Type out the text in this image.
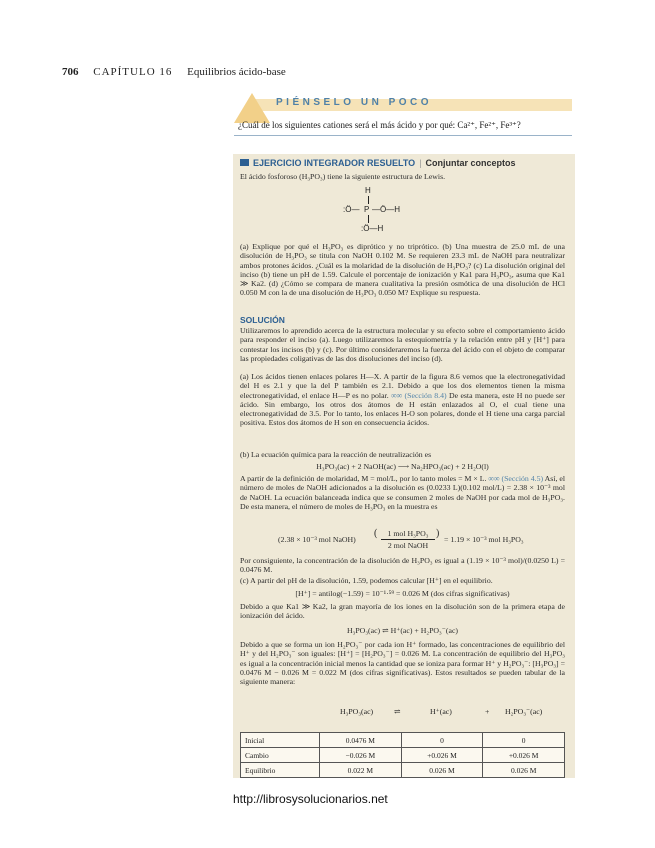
706 CAPÍTULO 16 Equilibrios ácido-base
PIÉNSELO UN POCO
¿Cuál de los siguientes cationes será el más ácido y por qué: Ca²⁺, Fe²⁺, Fe³⁺?
EJERCICIO INTEGRADOR RESUELTO | Conjuntar conceptos
El ácido fosforoso (H₃PO₃) tiene la siguiente estructura de Lewis.
H
:Ö— P —Ö—H
:Ö—H
(a) Explique por qué el H₃PO₃ es diprótico y no triprótico. (b) Una muestra de 25.0 mL de una disolución de H₃PO₃ se titula con NaOH 0.102 M. Se requieren 23.3 mL de NaOH para neutralizar ambos protones ácidos. ¿Cuál es la molaridad de la disolución de H₃PO₃? (c) La disolución original del inciso (b) tiene un pH de 1.59. Calcule el porcentaje de ionización y Ka1 para H₃PO₃, asuma que Ka1 ≫ Ka2. (d) ¿Cómo se compara de manera cualitativa la presión osmótica de una disolución de HCl 0.050 M con la de una disolución de H₃PO₃ 0.050 M? Explique su respuesta.
SOLUCIÓN
Utilizaremos lo aprendido acerca de la estructura molecular y su efecto sobre el comportamiento ácido para responder el inciso (a). Luego utilizaremos la estequiometría y la relación entre pH y [H⁺] para contestar los incisos (b) y (c). Por último consideraremos la fuerza del ácido con el objeto de comparar las propiedades coligativas de las dos disoluciones del inciso (d).
(a) Los ácidos tienen enlaces polares H—X. A partir de la figura 8.6 vemos que la electronegatividad del H es 2.1 y que la del P también es 2.1. Debido a que los dos elementos tienen la misma electronegatividad, el enlace H—P es no polar. ∞∞ (Sección 8.4) De esta manera, este H no puede ser ácido. Sin embargo, los otros dos átomos de H están enlazados al O, el cual tiene una electronegatividad de 3.5. Por lo tanto, los enlaces H-O son polares, donde el H tiene una carga parcial positiva. Estos dos átomos de H son en consecuencia ácidos.
(b) La ecuación química para la reacción de neutralización es
H₃PO₃(ac) + 2 NaOH(ac) ⟶ Na₂HPO₃(ac) + 2 H₂O(l)
A partir de la definición de molaridad, M = mol/L, por lo tanto moles = M × L. ∞∞ (Sección 4.5) Así, el número de moles de NaOH adicionados a la disolución es (0.0233 L)(0.102 mol/L) = 2.38 × 10⁻³ mol de NaOH. La ecuación balanceada indica que se consumen 2 moles de NaOH por cada mol de H₃PO₃. De esta manera, el número de moles de H₃PO₃ en la muestra es
(2.38 × 10⁻³ mol NaOH)
(	1 mol H₃PO₃
2 mol NaOH
)
= 1.19 × 10⁻³ mol H₃PO₃
Por consiguiente, la concentración de la disolución de H₃PO₃ es igual a (1.19 × 10⁻³ mol)/(0.0250 L) = 0.0476 M.
(c) A partir del pH de la disolución, 1.59, podemos calcular [H⁺] en el equilibrio.
[H⁺] = antilog(−1.59) = 10⁻¹·⁵⁹ = 0.026 M (dos cifras significativas)
Debido a que Ka1 ≫ Ka2, la gran mayoría de los iones en la disolución son de la primera etapa de ionización del ácido.
H₃PO₃(ac) ⇌ H⁺(ac) + H₂PO₃⁻(ac)
Debido a que se forma un ion H₂PO₃⁻ por cada ion H⁺ formado, las concentraciones de equilibrio del H⁺ y del H₂PO₃⁻ son iguales: [H⁺] = [H₂PO₃⁻] = 0.026 M. La concentración de equilibrio del H₃PO₃ es igual a la concentración inicial menos la cantidad que se ioniza para formar H⁺ y H₂PO₃⁻: [H₃PO₃] = 0.0476 M − 0.026 M = 0.022 M (dos cifras significativas). Estos resultados se pueden tabular de la siguiente manera:
H₃PO₃(ac)	⇌	H⁺(ac)	+ H₂PO₃⁻(ac)
Inicial	0.0476 M	0	0
Cambio	−0.026 M	+0.026 M	+0.026 M
Equilibrio	0.022 M	0.026 M	0.026 M
http://librosysolucionarios.net
